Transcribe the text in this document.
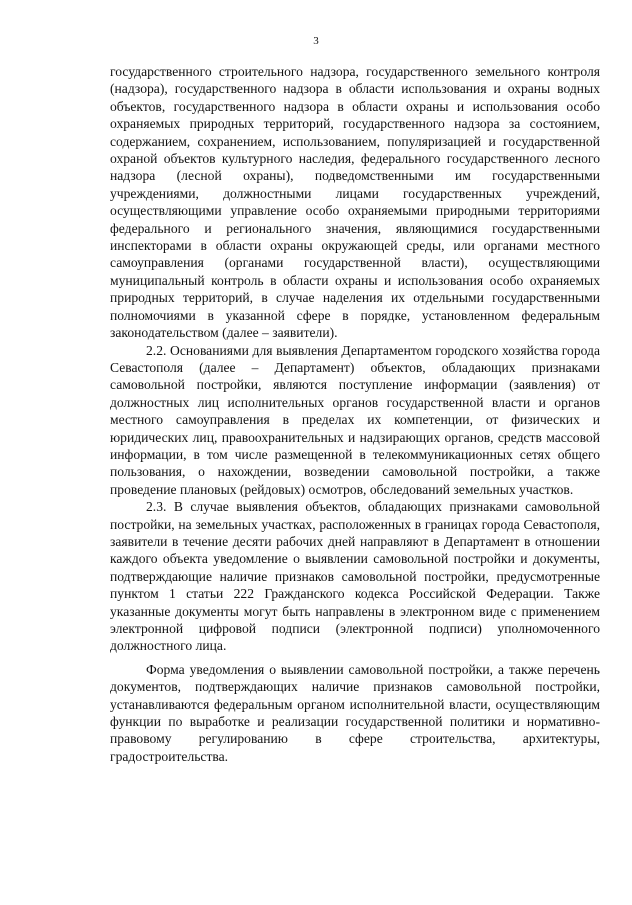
3

государственного строительного надзора, государственного земельного контроля (надзора), государственного надзора в области использования и охраны водных объектов, государственного надзора в области охраны и использования особо охраняемых природных территорий, государственного надзора за состоянием, содержанием, сохранением, использованием, популяризацией и государственной охраной объектов культурного наследия, федерального государственного лесного надзора (лесной охраны), подведомственными им государственными учреждениями, должностными лицами государственных учреждений, осуществляющими управление особо охраняемыми природными территориями федерального и регионального значения, являющимися государственными инспекторами в области охраны окружающей среды, или органами местного самоуправления (органами государственной власти), осуществляющими муниципальный контроль в области охраны и использования особо охраняемых природных территорий, в случае наделения их отдельными государственными полномочиями в указанной сфере в порядке, установленном федеральным законодательством (далее – заявители).

2.2. Основаниями для выявления Департаментом городского хозяйства города Севастополя (далее – Департамент) объектов, обладающих признаками самовольной постройки, являются поступление информации (заявления) от должностных лиц исполнительных органов государственной власти и органов местного самоуправления в пределах их компетенции, от физических и юридических лиц, правоохранительных и надзирающих органов, средств массовой информации, в том числе размещенной в телекоммуникационных сетях общего пользования, о нахождении, возведении самовольной постройки, а также проведение плановых (рейдовых) осмотров, обследований земельных участков.

2.3. В случае выявления объектов, обладающих признаками самовольной постройки, на земельных участках, расположенных в границах города Севастополя, заявители в течение десяти рабочих дней направляют в Департамент в отношении каждого объекта уведомление о выявлении самовольной постройки и документы, подтверждающие наличие признаков самовольной постройки, предусмотренные пунктом 1 статьи 222 Гражданского кодекса Российской Федерации. Также указанные документы могут быть направлены в электронном виде с применением электронной цифровой подписи (электронной подписи) уполномоченного должностного лица.

Форма уведомления о выявлении самовольной постройки, а также перечень документов, подтверждающих наличие признаков самовольной постройки, устанавливаются федеральным органом исполнительной власти, осуществляющим функции по выработке и реализации государственной политики и нормативно-правовому регулированию в сфере строительства, архитектуры, градостроительства.
